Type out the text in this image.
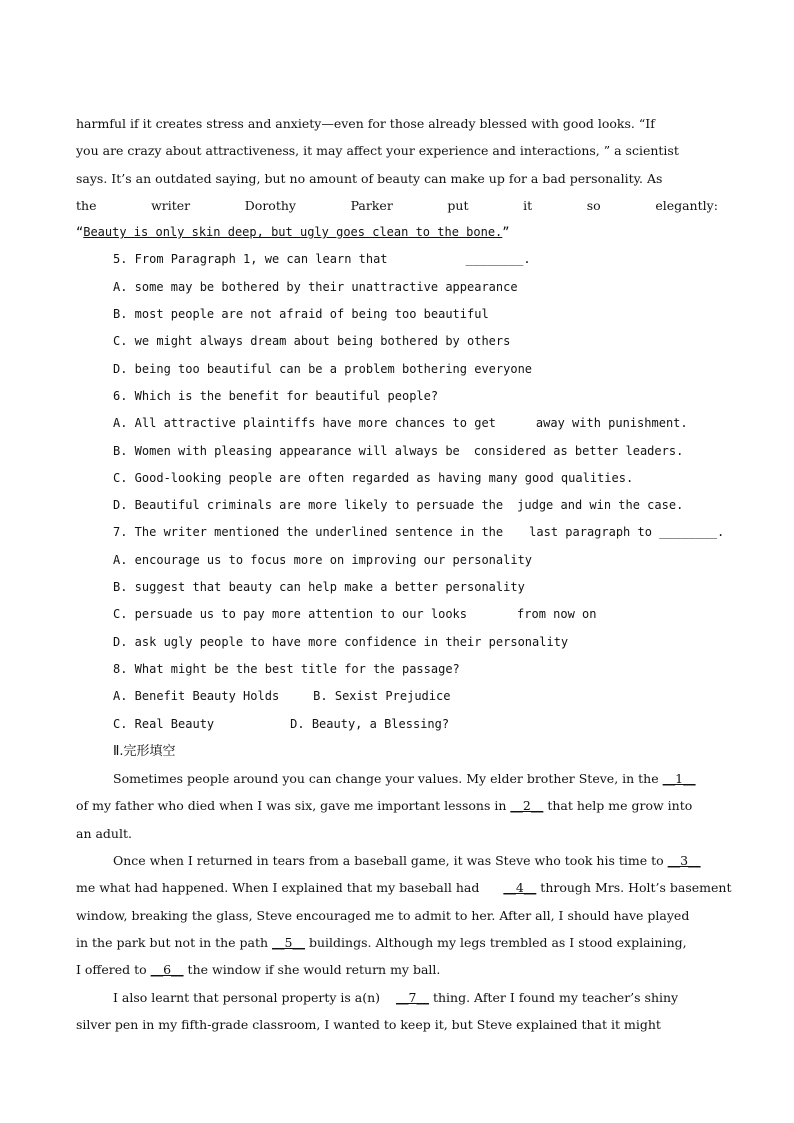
harmful if it creates stress and anxiety—even for those already blessed with good looks. “If
you are crazy about attractiveness, it may affect your experience and interactions, ” a scientist
says. It’s an outdated saying, but no amount of beauty can make up for a bad personality. As
the	writer	Dorothy	Parker	put	it	so	elegantly:
“Beauty is only skin deep, but ugly goes clean to the bone.”
5. From Paragraph 1, we can learn that	________.
A. some may be bothered by their unattractive appearance
B. most people are not afraid of being too beautiful
C. we might always dream about being bothered by others
D. being too beautiful can be a problem bothering everyone
6. Which is the benefit for beautiful people?
A. All attractive plaintiffs have more chances to get	away with punishment.
B. Women with pleasing appearance will always be considered as better leaders.
C. Good-looking people are often regarded as having many good qualities.
D. Beautiful criminals are more likely to persuade the judge and win the case.
7. The writer mentioned the underlined sentence in the last paragraph to ________.
A. encourage us to focus more on improving our personality
B. suggest that beauty can help make a better personality
C. persuade us to pay more attention to our looks	from now on
D. ask ugly people to have more confidence in their personality
8. What might be the best title for the passage?
A. Benefit Beauty Holds	B. Sexist Prejudice
C. Real Beauty	D. Beauty, a Blessing?
Ⅱ.完形填空
Sometimes people around you can change your values. My elder brother Steve, in the __1__
of my father who died when I was six, gave me important lessons in __2__ that help me grow into
an adult.
Once when I returned in tears from a baseball game, it was Steve who took his time to __3__
me what had happened. When I explained that my baseball had __4__ through Mrs. Holt’s basement
window, breaking the glass, Steve encouraged me to admit to her. After all, I should have played
in the park but not in the path __5__ buildings. Although my legs trembled as I stood explaining,
I offered to __6__ the window if she would return my ball.
I also learnt that personal property is a(n) __7__ thing. After I found my teacher’s shiny
silver pen in my fifth-grade classroom, I wanted to keep it, but Steve explained that it might
